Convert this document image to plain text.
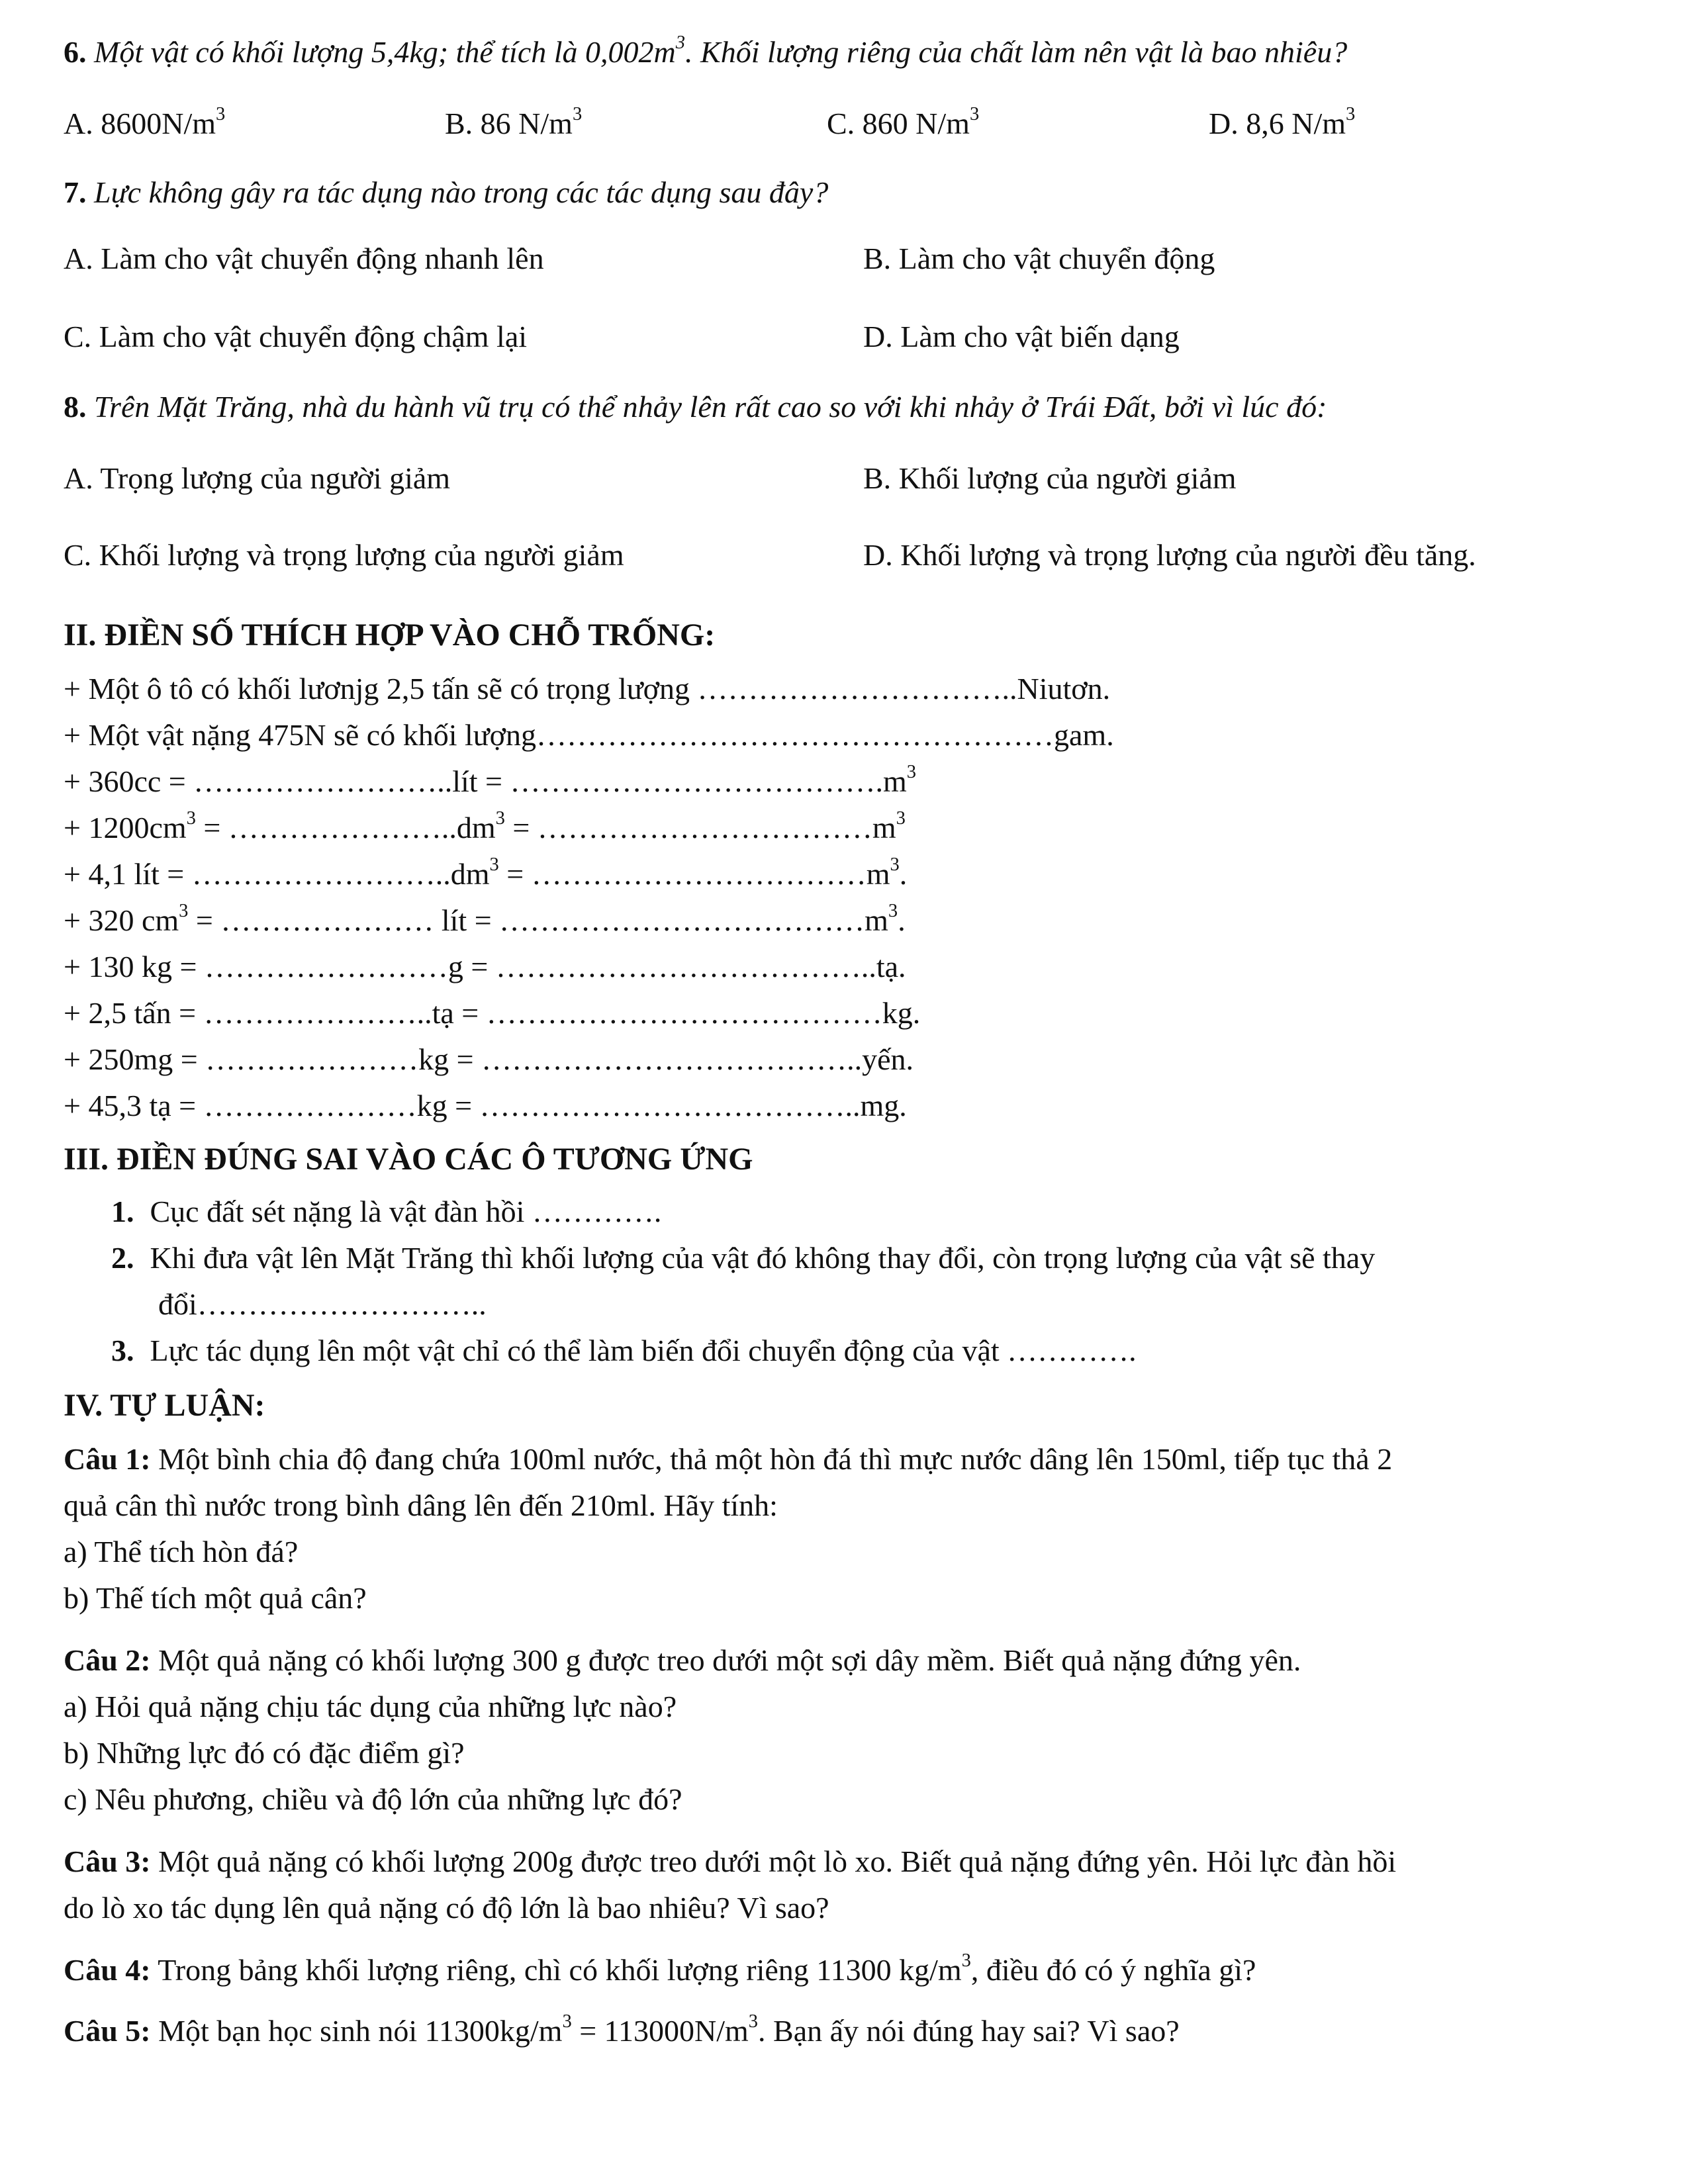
6. Một vật có khối lượng 5,4kg; thể tích là $0,002m^3$. Khối lượng riêng của chất làm nên vật là bao nhiêu?
A. $8600N/m^3$	B. 86 $N/m^3$	C. 860 $N/m^3$	D. 8,6 $N/m^3$
7. Lực không gây ra tác dụng nào trong các tác dụng sau đây?
A. Làm cho vật chuyển động nhanh lên	B. Làm cho vật chuyển động
C. Làm cho vật chuyển động chậm lại	D. Làm cho vật biến dạng
8. Trên Mặt Trăng, nhà du hành vũ trụ có thể nhảy lên rất cao so với khi nhảy ở Trái Đất, bởi vì lúc đó:
A. Trọng lượng của người giảm	B. Khối lượng của người giảm
C. Khối lượng và trọng lượng của người giảm	D. Khối lượng và trọng lượng của người đều tăng.
II. ĐIỀN SỐ THÍCH HỢP VÀO CHỖ TRỐNG:
+ Một ô tô có khối lươnjg 2,5 tấn sẽ có trọng lượng …………………………..Niutơn.
+ Một vật nặng 475N sẽ có khối lượng……………………………………………gam.
+ 360cc = ……………………..lít = $\dots\dots\dots\dots\dots\dots\dots\dots\dots\dots\dots\dots.m^3$
+ $1200cm^3$ = $\dots\dots\dots\dots\dots\dots\dots..dm^3$ = $\dots\dots\dots\dots\dots\dots\dots\dots\dots\dots\dots m^3$
+ 4,1 lít = $\dots\dots\dots\dots\dots\dots\dots\dots..dm^3$ = $\dots\dots\dots\dots\dots\dots\dots\dots\dots\dots\dots m^3$.
+ 320 $cm^3$ = ………………… lít = $\dots\dots\dots\dots\dots\dots\dots\dots\dots\dots\dots\dots m^3$.
+ 130 kg = ……………………g = ………………………………..tạ.
+ 2,5 tấn = …………………..tạ = …………………………………kg.
+ 250mg = …………………kg = ………………………………..yến.
+ 45,3 tạ = …………………kg = ………………………………..mg.
III. ĐIỀN ĐÚNG SAI VÀO CÁC Ô TƯƠNG ỨNG
1. Cục đất sét nặng là vật đàn hồi ………….
2. Khi đưa vật lên Mặt Trăng thì khối lượng của vật đó không thay đổi, còn trọng lượng của vật sẽ thay
đổi………………………..
3. Lực tác dụng lên một vật chỉ có thể làm biến đổi chuyển động của vật ………….
IV. TỰ LUẬN:
Câu 1: Một bình chia độ đang chứa 100ml nước, thả một hòn đá thì mực nước dâng lên 150ml, tiếp tục thả 2
quả cân thì nước trong bình dâng lên đến 210ml. Hãy tính:
a) Thể tích hòn đá?
b) Thế tích một quả cân?
Câu 2: Một quả nặng có khối lượng 300 g được treo dưới một sợi dây mềm. Biết quả nặng đứng yên.
a) Hỏi quả nặng chịu tác dụng của những lực nào?
b) Những lực đó có đặc điểm gì?
c) Nêu phương, chiều và độ lớn của những lực đó?
Câu 3: Một quả nặng có khối lượng 200g được treo dưới một lò xo. Biết quả nặng đứng yên. Hỏi lực đàn hồi
do lò xo tác dụng lên quả nặng có độ lớn là bao nhiêu? Vì sao?
Câu 4: Trong bảng khối lượng riêng, chì có khối lượng riêng 11300 $kg/m^3$, điều đó có ý nghĩa gì?
Câu 5: Một bạn học sinh nói $11300kg/m^3 = 113000N/m^3$. Bạn ấy nói đúng hay sai? Vì sao?
